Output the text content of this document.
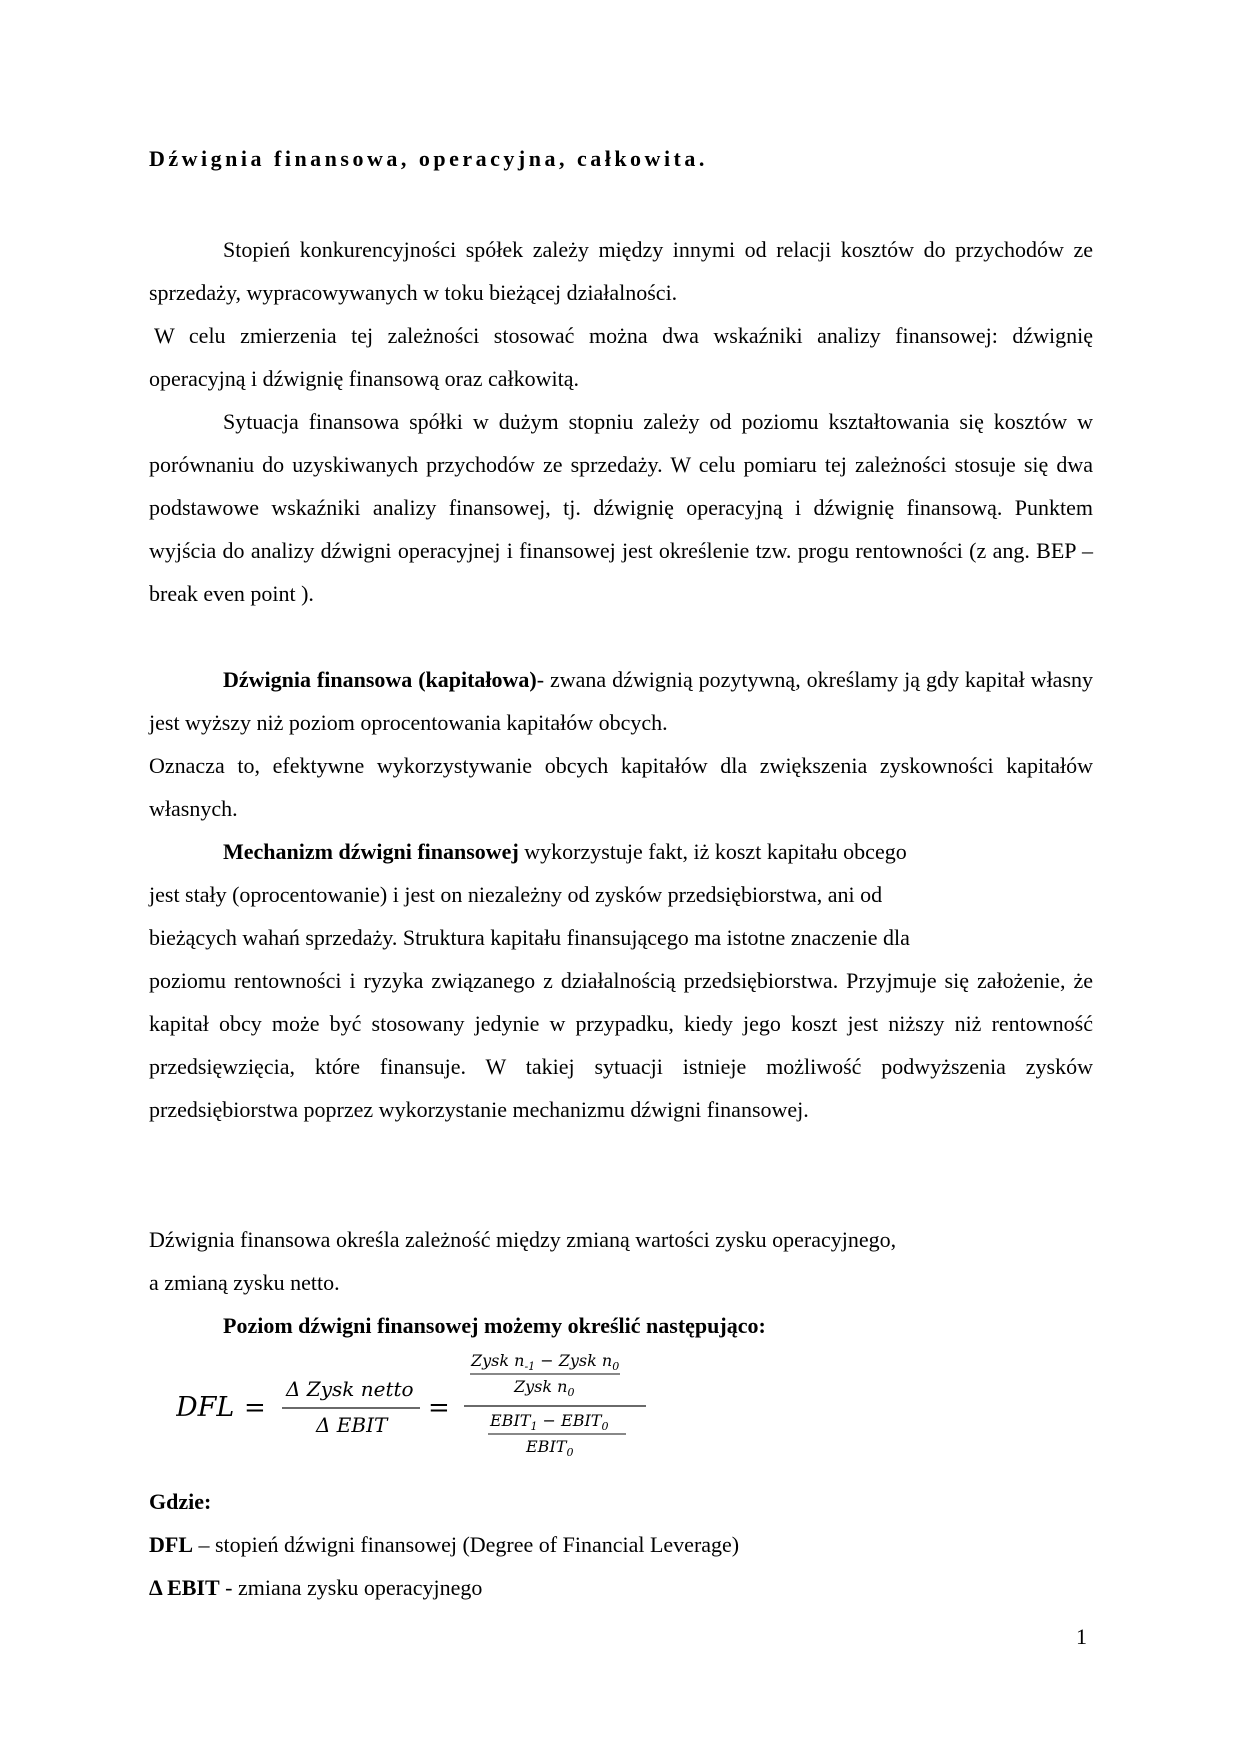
Dźwignia finansowa, operacyjna, całkowita.

Stopień konkurencyjności spółek zależy między innymi od relacji kosztów do przychodów ze sprzedaży, wypracowywanych w toku bieżącej działalności.

W celu zmierzenia tej zależności stosować można dwa wskaźniki analizy finansowej: dźwignię operacyjną i dźwignię finansową oraz całkowitą.

Sytuacja finansowa spółki w dużym stopniu zależy od poziomu kształtowania się kosztów w porównaniu do uzyskiwanych przychodów ze sprzedaży. W celu pomiaru tej zależności stosuje się dwa podstawowe wskaźniki analizy finansowej, tj. dźwignię operacyjną i dźwignię finansową. Punktem wyjścia do analizy dźwigni operacyjnej i finansowej jest określenie tzw. progu rentowności (z ang. BEP – break even point ).

Dźwignia finansowa (kapitałowa)- zwana dźwignią pozytywną, określamy ją gdy kapitał własny jest wyższy niż poziom oprocentowania kapitałów obcych.

Oznacza to, efektywne wykorzystywanie obcych kapitałów dla zwiększenia zyskowności kapitałów własnych.

Mechanizm dźwigni finansowej wykorzystuje fakt, iż koszt kapitału obcego
jest stały (oprocentowanie) i jest on niezależny od zysków przedsiębiorstwa, ani od
bieżących wahań sprzedaży. Struktura kapitału finansującego ma istotne znaczenie dla

poziomu rentowności i ryzyka związanego z działalnością przedsiębiorstwa. Przyjmuje się założenie, że kapitał obcy może być stosowany jedynie w przypadku, kiedy jego koszt jest niższy niż rentowność przedsięwzięcia, które finansuje. W takiej sytuacji istnieje możliwość podwyższenia zysków przedsiębiorstwa poprzez wykorzystanie mechanizmu dźwigni finansowej.

Dźwignia finansowa określa zależność między zmianą wartości zysku operacyjnego,
a zmianą zysku netto.
Poziom dźwigni finansowej możemy określić następująco:
DFL =
Δ Zysk netto
Δ EBIT
=
Zysk $n_{-1}$ − Zysk $n_0$
Zysk $n_0$
$EBIT_1$ − $EBIT_0$
$EBIT_0$
Gdzie:
DFL – stopień dźwigni finansowej (Degree of Financial Leverage)
Δ EBIT - zmiana zysku operacyjnego
1
